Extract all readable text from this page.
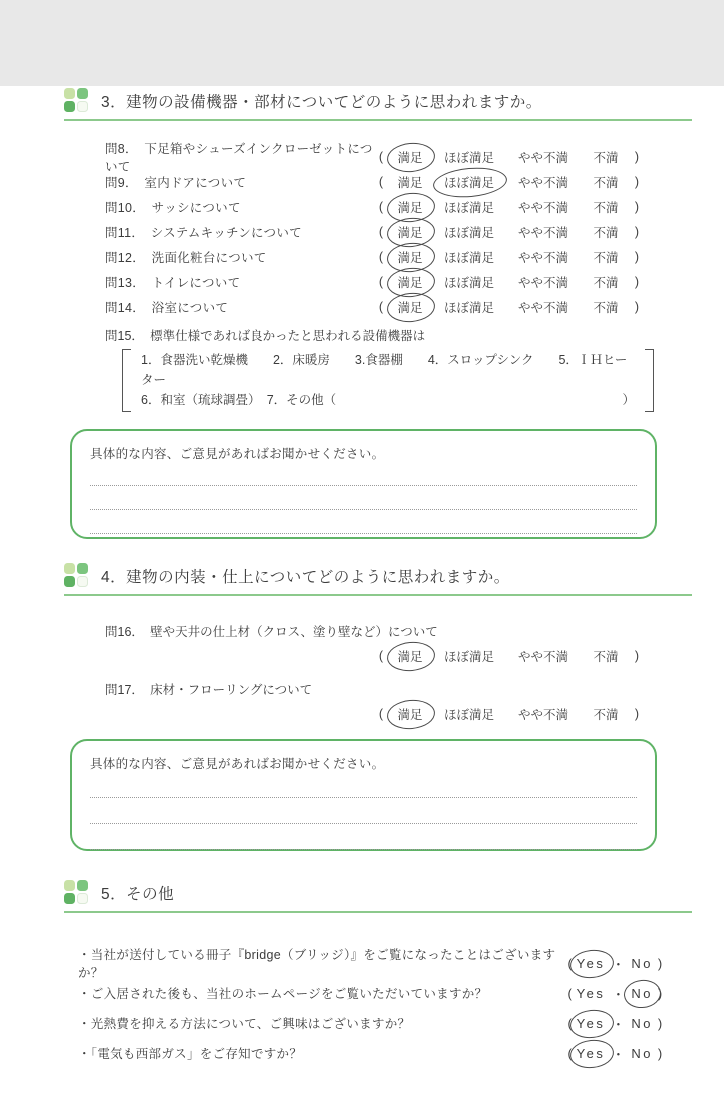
3．建物の設備機器・部材についてどのように思われますか。
問8．　下足箱やシューズインクローゼットについて
(	満足	ほぼ満足	やや不満	不満	)
問9．　室内ドアについて	(	満足	ほぼ満足	やや不満	不満	)
問10．　サッシについて	(	満足	ほぼ満足	やや不満	不満	)
問11．　システムキッチンについて	(	満足	ほぼ満足	やや不満	不満	)
問12．　洗面化粧台について	(	満足	ほぼ満足	やや不満	不満	)
問13．　トイレについて	(	満足	ほぼ満足	やや不満	不満	)
問14．　浴室について	(	満足	ほぼ満足	やや不満	不満	)
問15．　標準仕様であれば良かったと思われる設備機器は
1．食器洗い乾燥機　　2．床暖房　　3.食器棚　　4．スロップシンク　　5．ＩＨヒーター
6．和室（琉球調畳）　7．その他（	）
具体的な内容、ご意見があればお聞かせください。
4．建物の内装・仕上についてどのように思われますか。
問16．　壁や天井の仕上材（クロス、塗り壁など）について
(	満足	ほぼ満足	やや不満	不満	)
問17．　床材・フローリングについて
(	満足	ほぼ満足	やや不満	不満	)
具体的な内容、ご意見があればお聞かせください。
5．その他
・当社が送付している冊子『bridge（ブリッジ）』をご覧になったことはございますか？
( Yes ・ No )
・ご入居された後も、当社のホームページをご覧いただいていますか？	( Yes ・ No )
・光熱費を抑える方法について、ご興味はございますか？	( Yes ・ No )
・「電気も西部ガス」をご存知ですか？	( Yes ・ No )
